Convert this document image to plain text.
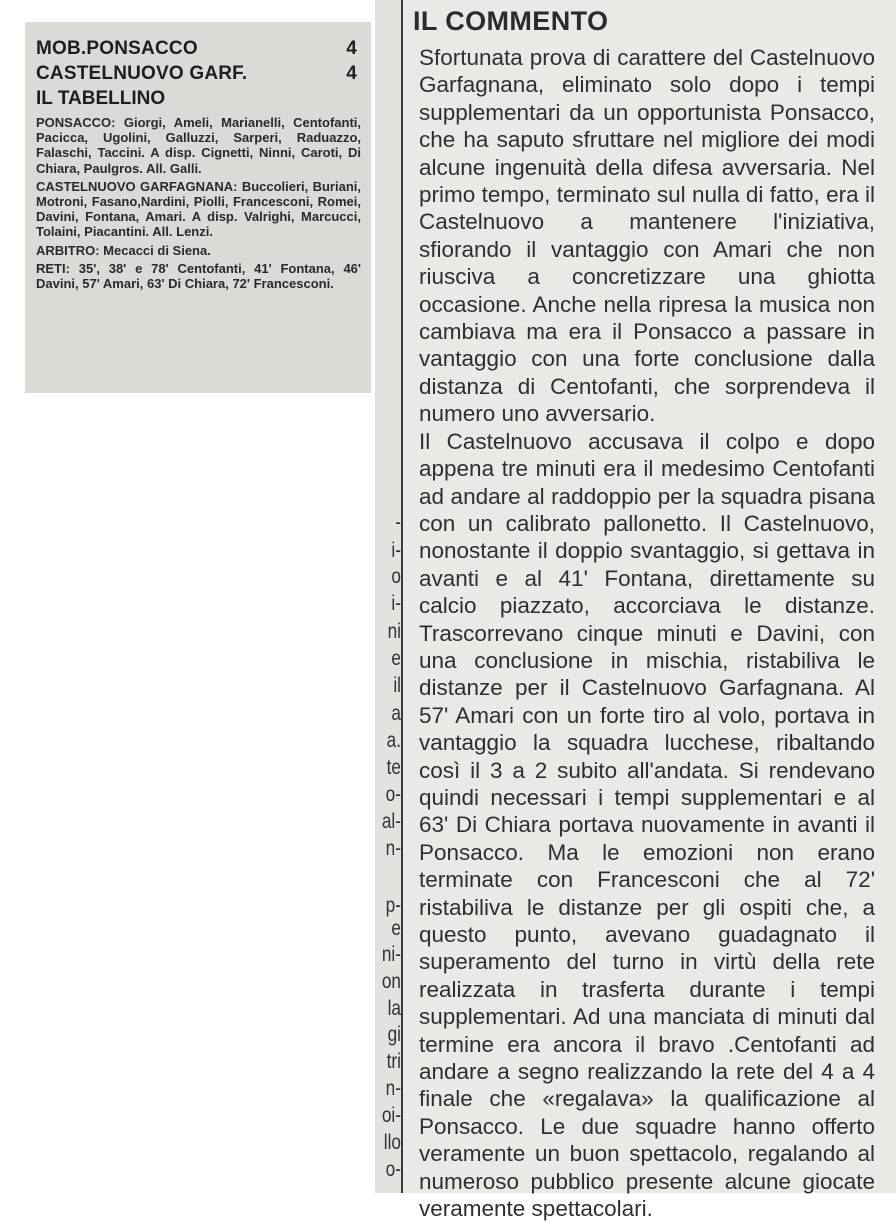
MOB.PONSACCO	4
CASTELNUOVO GARF.	4
IL TABELLINO

PONSACCO: Giorgi, Ameli, Marianelli, Centofanti, Pacicca, Ugolini, Galluzzi, Sarperi, Raduazzo, Falaschi, Taccini. A disp. Cignetti, Ninni, Caroti, Di Chiara, Paulgros. All. Galli.

CASTELNUOVO GARFAGNANA: Buccolieri, Buriani, Motroni, Fasano,Nardini, Piolli, Francesconi, Romei, Davini, Fontana, Amari. A disp. Valrighi, Marcucci, Tolaini, Piacantini. All. Lenzi.

ARBITRO: Mecacci di Siena.

RETI: 35', 38' e 78' Centofanti, 41' Fontana, 46' Davini, 57' Amari, 63' Di Chiara, 72' Francesconi.

-
i-
o
i-
ni
e
il
a
a.
te
o-
al-
n-
p-
e
ni-
on
la
gi
tri
n-
oi-
llo
o-
IL COMMENTO

Sfortunata prova di carattere del Castelnuovo Garfagnana, eliminato solo dopo i tempi supplementari da un opportunista Ponsacco, che ha saputo sfruttare nel migliore dei modi alcune ingenuità della difesa avversaria. Nel primo tempo, terminato sul nulla di fatto, era il Castelnuovo a mantenere l'iniziativa, sfiorando il vantaggio con Amari che non riusciva a concretizzare una ghiotta occasione. Anche nella ripresa la musica non cambiava ma era il Ponsacco a passare in vantaggio con una forte conclusione dalla distanza di Centofanti, che sorprendeva il numero uno avversario.

Il Castelnuovo accusava il colpo e dopo appena tre minuti era il medesimo Centofanti ad andare al raddoppio per la squadra pisana con un calibrato pallonetto. Il Castelnuovo, nonostante il doppio svantaggio, si gettava in avanti e al 41' Fontana, direttamente su calcio piazzato, accorciava le distanze. Trascorrevano cinque minuti e Davini, con una conclusione in mischia, ristabiliva le distanze per il Castelnuovo Garfagnana. Al 57' Amari con un forte tiro al volo, portava in vantaggio la squadra lucchese, ribaltando così il 3 a 2 subito all'andata. Si rendevano quindi necessari i tempi supplementari e al 63' Di Chiara portava nuovamente in avanti il Ponsacco. Ma le emozioni non erano terminate con Francesconi che al 72' ristabiliva le distanze per gli ospiti che, a questo punto, avevano guadagnato il superamento del turno in virtù della rete realizzata in trasferta durante i tempi supplementari. Ad una manciata di minuti dal termine era ancora il bravo .Centofanti ad andare a segno realizzando la rete del 4 a 4 finale che «regalava» la qualificazione al Ponsacco. Le due squadre hanno offerto veramente un buon spettacolo, regalando al numeroso pubblico presente alcune giocate veramente spettacolari.
